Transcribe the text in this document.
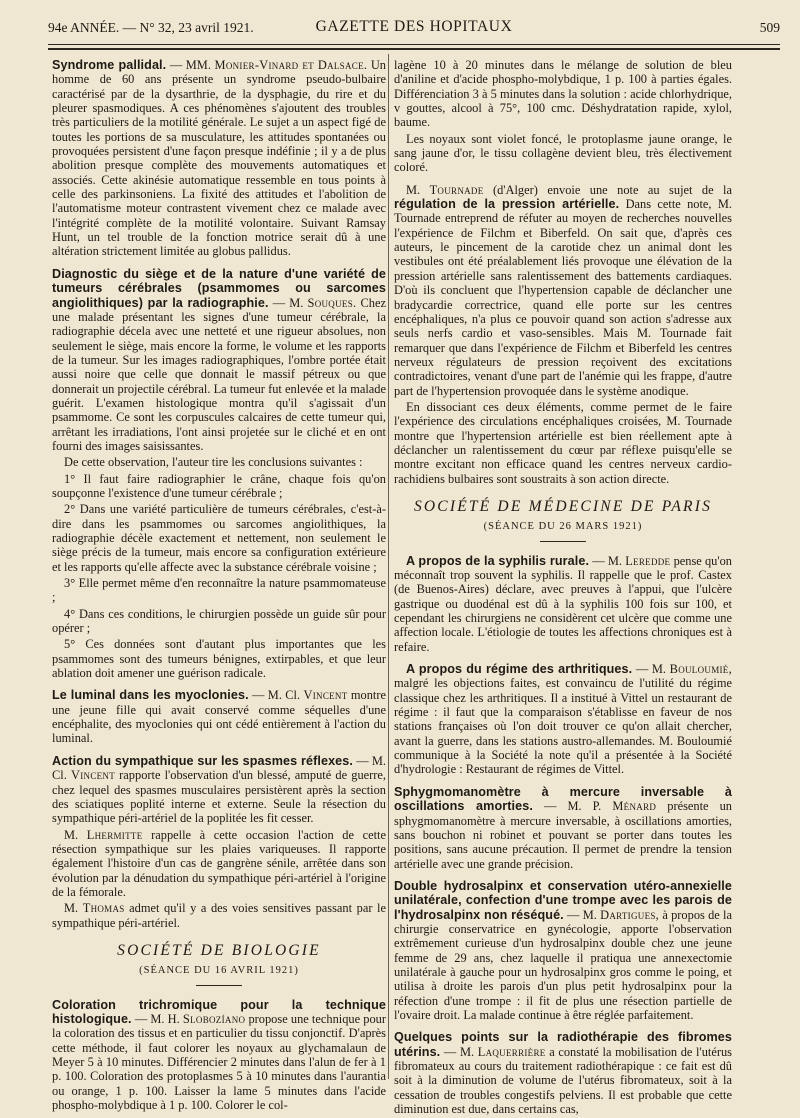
94e ANNÉE. — N° 32, 23 avril 1921.	GAZETTE DES HOPITAUX	509

Syndrome pallidal. — MM. Monier-Vinard et Dalsace. Un homme de 60 ans présente un syndrome pseudo-bulbaire caractérisé par de la dysarthrie, de la dysphagie, du rire et du pleurer spasmodiques. A ces phénomènes s'ajoutent des troubles très particuliers de la motilité générale. Le sujet a un aspect figé de toutes les portions de sa musculature, les attitudes spontanées ou provoquées persistent d'une façon presque indéfinie ; il y a de plus abolition presque complète des mouvements automatiques et associés. Cette akinésie automatique ressemble en tous points à celle des parkinsoniens. La fixité des attitudes et l'abolition de l'automatisme moteur contrastent vivement chez ce malade avec l'intégrité complète de la motilité volontaire. Suivant Ramsay Hunt, un tel trouble de la fonction motrice serait dû à une altération strictement limitée au globus pallidus.

Diagnostic du siège et de la nature d'une variété de tumeurs cérébrales (psammomes ou sarcomes angiolithiques) par la radiographie. — M. Souques. Chez une malade présentant les signes d'une tumeur cérébrale, la radiographie décela avec une netteté et une rigueur absolues, non seulement le siège, mais encore la forme, le volume et les rapports de la tumeur. Sur les images radiographiques, l'ombre portée était aussi noire que celle que donnait le massif pétreux ou que donnerait un projectile cérébral. La tumeur fut enlevée et la malade guérit. L'examen histologique montra qu'il s'agissait d'un psammome. Ce sont les corpuscules calcaires de cette tumeur qui, arrêtant les irradiations, l'ont ainsi projetée sur le cliché et en ont fourni des images saisissantes.

De cette observation, l'auteur tire les conclusions suivantes :

1° Il faut faire radiographier le crâne, chaque fois qu'on soupçonne l'existence d'une tumeur cérébrale ;

2° Dans une variété particulière de tumeurs cérébrales, c'est-à-dire dans les psammomes ou sarcomes angiolithiques, la radiographie décèle exactement et nettement, non seulement le siège précis de la tumeur, mais encore sa configuration extérieure et les rapports qu'elle affecte avec la substance cérébrale voisine ;

3° Elle permet même d'en reconnaître la nature psammomateuse ;

4° Dans ces conditions, le chirurgien possède un guide sûr pour opérer ;

5° Ces données sont d'autant plus importantes que les psammomes sont des tumeurs bénignes, extirpables, et que leur ablation doit amener une guérison radicale.

Le luminal dans les myoclonies. — M. Cl. Vincent montre une jeune fille qui avait conservé comme séquelles d'une encéphalite, des myoclonies qui ont cédé entièrement à l'action du luminal.

Action du sympathique sur les spasmes réflexes. — M. Cl. Vincent rapporte l'observation d'un blessé, amputé de guerre, chez lequel des spasmes musculaires persistèrent après la section des sciatiques poplité interne et externe. Seule la résection du sympathique péri-artériel de la poplitée les fit cesser.

M. Lhermitte rappelle à cette occasion l'action de cette résection sympathique sur les plaies variqueuses. Il rapporte également l'histoire d'un cas de gangrène sénile, arrêtée dans son évolution par la dénudation du sympathique péri-artériel à l'origine de la fémorale.

M. Thomas admet qu'il y a des voies sensitives passant par le sympathique péri-artériel.

SOCIÉTÉ DE BIOLOGIE

(SÉANCE DU 16 AVRIL 1921)

Coloration trichromique pour la technique histologique. — M. H. Slobozíano propose une technique pour la coloration des tissus et en particulier du tissu conjonctif. D'après cette méthode, il faut colorer les noyaux au glychamalaun de Meyer 5 à 10 minutes. Différencier 2 minutes dans l'alun de fer à 1 p. 100. Coloration des protoplasmes 5 à 10 minutes dans l'aurantia ou orange, 1 p. 100. Laisser la lame 5 minutes dans l'acide phospho-molybdique à 1 p. 100. Colorer le col-

lagène 10 à 20 minutes dans le mélange de solution de bleu d'aniline et d'acide phospho-molybdique, 1 p. 100 à parties égales. Différenciation 3 à 5 minutes dans la solution : acide chlorhydrique, v gouttes, alcool à 75°, 100 cmc. Déshydratation rapide, xylol, baume.

Les noyaux sont violet foncé, le protoplasme jaune orange, le sang jaune d'or, le tissu collagène devient bleu, très électivement coloré.

M. Tournade (d'Alger) envoie une note au sujet de la régulation de la pression artérielle. Dans cette note, M. Tournade entreprend de réfuter au moyen de recherches nouvelles l'expérience de Filchm et Biberfeld. On sait que, d'après ces auteurs, le pincement de la carotide chez un animal dont les vestibules ont été préalablement liés provoque une élévation de la pression artérielle sans ralentissement des battements cardiaques. D'où ils concluent que l'hypertension capable de déclancher une bradycardie correctrice, quand elle porte sur les centres encéphaliques, n'a plus ce pouvoir quand son action s'adresse aux seuls nerfs cardio et vaso-sensibles. Mais M. Tournade fait remarquer que dans l'expérience de Filchm et Biberfeld les centres nerveux régulateurs de pression reçoivent des excitations contradictoires, venant d'une part de l'anémie qui les frappe, d'autre part de l'hypertension provoquée dans le système anodique.

En dissociant ces deux éléments, comme permet de le faire l'expérience des circulations encéphaliques croisées, M. Tournade montre que l'hypertension artérielle est bien réellement apte à déclancher un ralentissement du cœur par réflexe puisqu'elle se montre excitant non efficace quand les centres nerveux cardio-rachidiens bulbaires sont soustraits à son action directe.

SOCIÉTÉ DE MÉDECINE DE PARIS

(SÉANCE DU 26 MARS 1921)

A propos de la syphilis rurale. — M. Leredde pense qu'on méconnaît trop souvent la syphilis. Il rappelle que le prof. Castex (de Buenos-Aires) déclare, avec preuves à l'appui, que l'ulcère gastrique ou duodénal est dû à la syphilis 100 fois sur 100, et cependant les chirurgiens ne considèrent cet ulcère que comme une affection locale. L'étiologie de toutes les affections chroniques est à refaire.

A propos du régime des arthritiques. — M. Bouloumié, malgré les objections faites, est convaincu de l'utilité du régime classique chez les arthritiques. Il a institué à Vittel un restaurant de régime : il faut que la comparaison s'établisse en faveur de nos stations françaises où l'on doit trouver ce qu'on allait chercher, avant la guerre, dans les stations austro-allemandes. M. Bouloumié communique à la Société la note qu'il a présentée à la Société d'hydrologie : Restaurant de régimes de Vittel.

Sphygmomanomètre à mercure inversable à oscillations amorties. — M. P. Ménard présente un sphygmomanomètre à mercure inversable, à oscillations amorties, sans bouchon ni robinet et pouvant se porter dans toutes les positions, sans aucune précaution. Il permet de prendre la tension artérielle avec une grande précision.

Double hydrosalpinx et conservation utéro-annexielle unilatérale, confection d'une trompe avec les parois de l'hydrosalpinx non réséqué. — M. Dartigues, à propos de la chirurgie conservatrice en gynécologie, apporte l'observation extrêmement curieuse d'un hydrosalpinx double chez une jeune femme de 29 ans, chez laquelle il pratiqua une annexectomie unilatérale à gauche pour un hydrosalpinx gros comme le poing, et utilisa à droite les parois d'un plus petit hydrosalpinx pour la réfection d'une trompe : il fit de plus une résection partielle de l'ovaire droit. La malade continue à être réglée parfaitement.

Quelques points sur la radiothérapie des fibromes utérins. — M. Laquerrière a constaté la mobilisation de l'utérus fibromateux au cours du traitement radiothérapique : ce fait est dû soit à la diminution de volume de l'utérus fibromateux, soit à la cessation de troubles congestifs pelviens. Il est probable que cette diminution est due, dans certains cas,
